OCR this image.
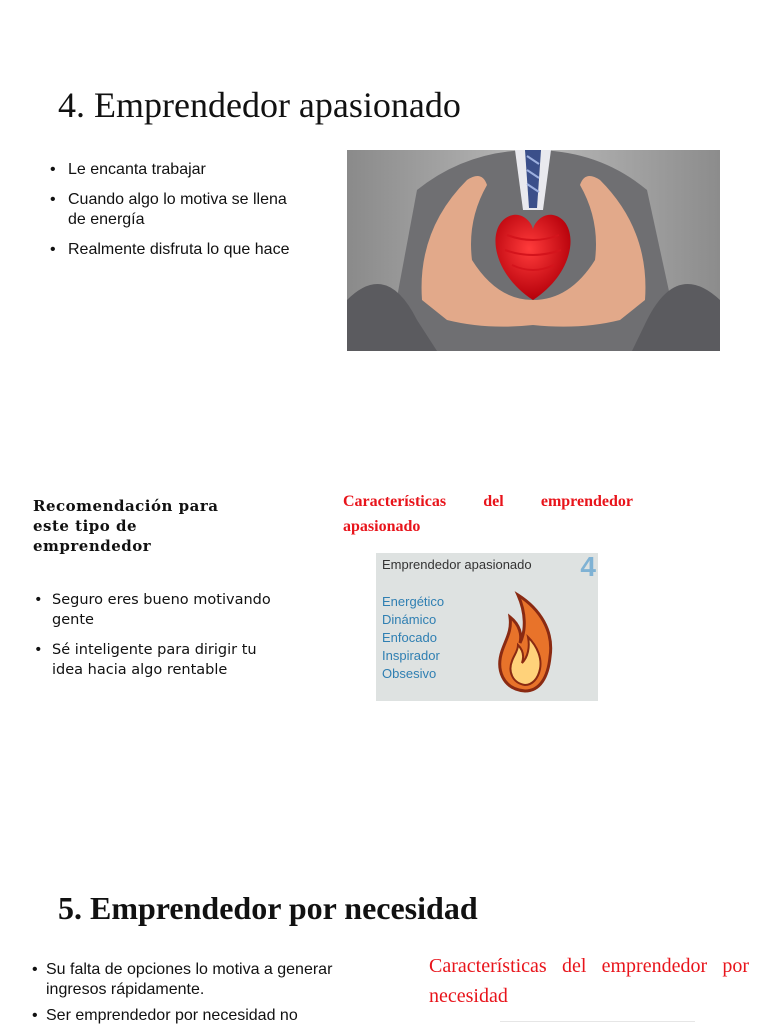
4. Emprendedor apasionado
• Le encanta trabajar
• Cuando algo lo motiva se llena de energía
• Realmente disfruta lo que hace
Recomendación para este tipo de emprendedor
• Seguro eres bueno motivando gente
• Sé inteligente para dirigir tu idea hacia algo rentable

Características del emprendedor apasionado

Emprendedor apasionado 4
Energético
Dinámico
Enfocado
Inspirador
Obsesivo
5. Emprendedor por necesidad
• Su falta de opciones lo motiva a generar ingresos rápidamente.
• Ser emprendedor por necesidad no

Características del emprendedor por necesidad
